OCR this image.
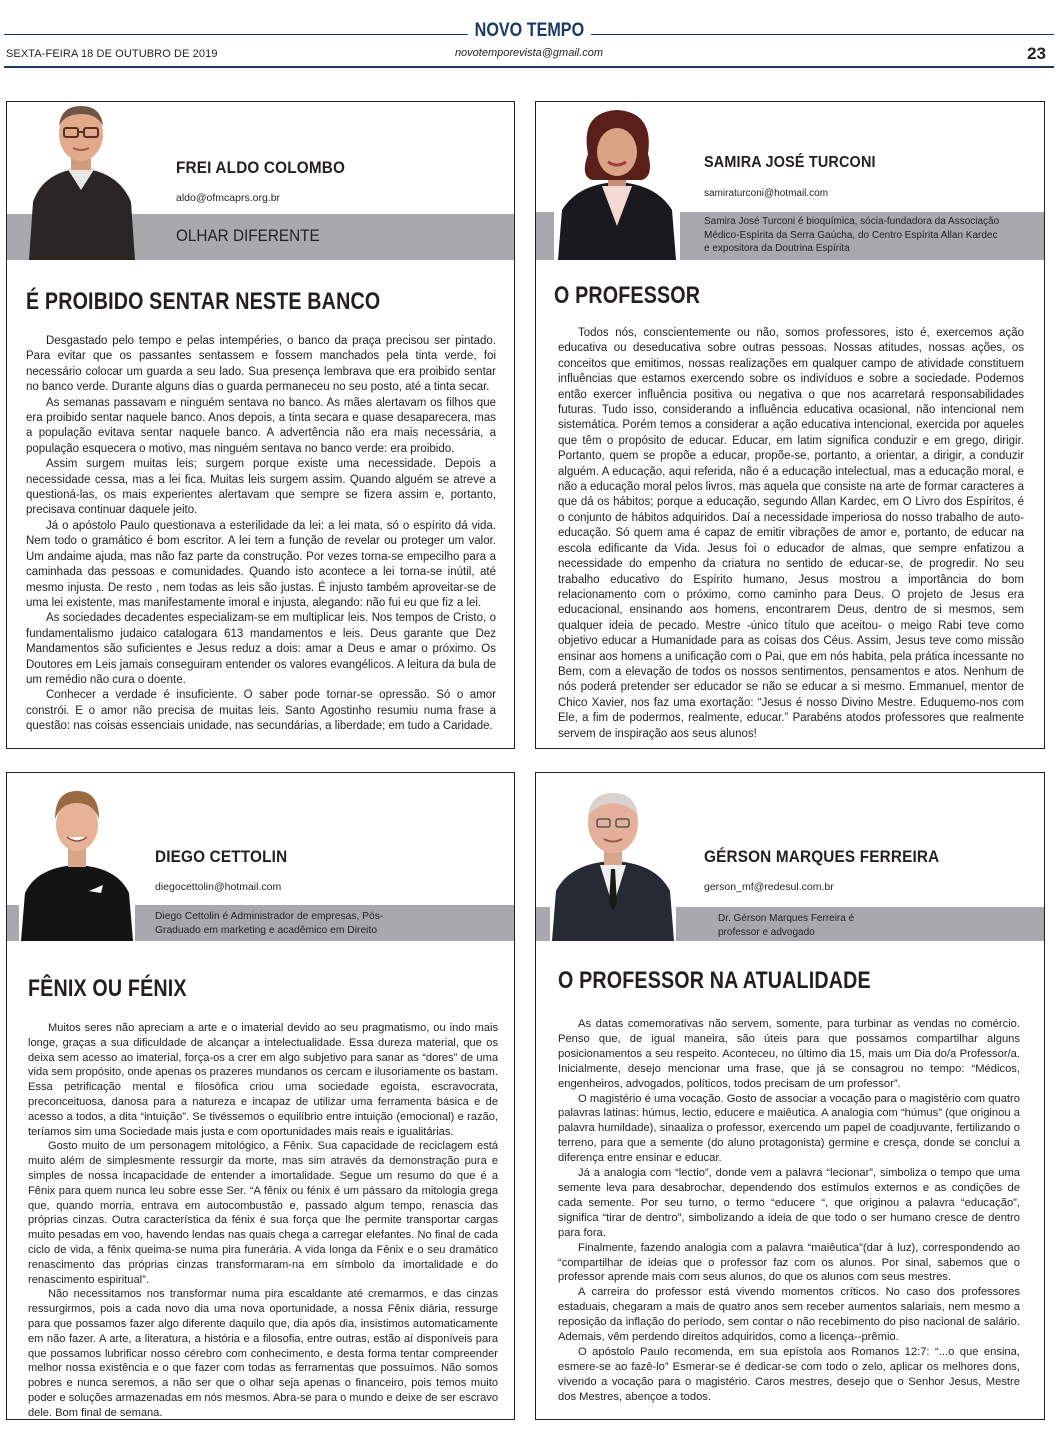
NOVO TEMPO
SEXTA-FEIRA 18 DE OUTUBRO DE 2019	novotemporevista@gmail.com	23
FREI ALDO COLOMBO
aldo@ofmcaprs.org.br
OLHAR DIFERENTE
É PROIBIDO SENTAR NESTE BANCO

Desgastado pelo tempo e pelas intempéries, o banco da praça precisou ser pintado. Para evitar que os passantes sentassem e fossem manchados pela tinta verde, foi necessário colocar um guarda a seu lado. Sua presença lembrava que era proibido sentar no banco verde. Durante alguns dias o guarda permaneceu no seu posto, até a tinta secar.

As semanas passavam e ninguém sentava no banco. As mães alertavam os filhos que era proibido sentar naquele banco. Anos depois, a tinta secara e quase desaparecera, mas a população evitava sentar naquele banco. A advertência não era mais necessária, a população esquecera o motivo, mas ninguém sentava no banco verde: era proibido.

Assim surgem muitas leis; surgem porque existe uma necessidade. Depois a necessidade cessa, mas a lei fica. Muitas leis surgem assim. Quando alguém se atreve a questioná-las, os mais experientes alertavam que sempre se fizera assim e, portanto, precisava continuar daquele jeito.

Já o apóstolo Paulo questionava a esterilidade da lei: a lei mata, só o espírito dá vida. Nem todo o gramático é bom escritor. A lei tem a função de revelar ou proteger um valor. Um andaime ajuda, mas não faz parte da construção. Por vezes torna-se empecilho para a caminhada das pessoas e comunidades. Quando isto acontece a lei torna-se inútil, até mesmo injusta. De resto , nem todas as leis são justas. É injusto também aproveitar-se de uma lei existente, mas manifestamente imoral e injusta, alegando: não fui eu que fiz a lei.

As sociedades decadentes especializam-se em multiplicar leis. Nos tempos de Cristo, o fundamentalismo judaico catalogara 613 mandamentos e leis. Deus garante que Dez Mandamentos são suficientes e Jesus reduz a dois: amar a Deus e amar o próximo. Os Doutores em Leis jamais conseguiram entender os valores evangélicos. A leitura da bula de um remédio não cura o doente.

Conhecer a verdade é insuficiente. O saber pode tornar-se opressão. Só o amor constrói. E o amor não precisa de muitas leis. Santo Agostinho resumiu numa frase a questão: nas coisas essenciais unidade, nas secundárias, a liberdade; em tudo a Caridade.

SAMIRA JOSÉ TURCONI
samiraturconi@hotmail.com
Samira José Turconi é bioquímica, sócia-fundadora da Associação Médico-Espírita da Serra Gaúcha, do Centro Espírita Allan Kardec e expositora da Doutrina Espírita
O PROFESSOR

Todos nós, conscientemente ou não, somos professores, isto é, exercemos ação educativa ou deseducativa sobre outras pessoas. Nossas atitudes, nossas ações, os conceitos que emitimos, nossas realizações em qualquer campo de atividade constituem influências que estamos exercendo sobre os indivíduos e sobre a sociedade. Podemos então exercer influência positiva ou negativa o que nos acarretará responsabilidades futuras. Tudo isso, considerando a influência educativa ocasional, não intencional nem sistemática. Porém temos a considerar a ação educativa intencional, exercida por aqueles que têm o propósito de educar. Educar, em latim significa conduzir e em grego, dirigir. Portanto, quem se propõe a educar, propõe-se, portanto, a orientar, a dirigir, a conduzir alguém. A educação, aqui referida, não é a educação intelectual, mas a educação moral, e não a educação moral pelos livros, mas aquela que consiste na arte de formar caracteres a que dá os hábitos; porque a educação, segundo Allan Kardec, em O Livro dos Espíritos, é o conjunto de hábitos adquiridos. Daí a necessidade imperiosa do nosso trabalho de auto-educação. Só quem ama é capaz de emitir vibrações de amor e, portanto, de educar na escola edificante da Vida. Jesus foi o educador de almas, que sempre enfatizou a necessidade do empenho da criatura no sentido de educar-se, de progredir. No seu trabalho educativo do Espírito humano, Jesus mostrou a importância do bom relacionamento com o próximo, como caminho para Deus. O projeto de Jesus era educacional, ensinando aos homens, encontrarem Deus, dentro de si mesmos, sem qualquer ideia de pecado. Mestre -único título que aceitou- o meigo Rabi teve como objetivo educar a Humanidade para as coisas dos Céus. Assim, Jesus teve como missão ensinar aos homens a unificação com o Pai, que em nós habita, pela prática incessante no Bem, com a elevação de todos os nossos sentimentos, pensamentos e atos. Nenhum de nós poderá pretender ser educador se não se educar a si mesmo. Emmanuel, mentor de Chico Xavier, nos faz uma exortação: “Jesus é nosso Divino Mestre. Eduquemo-nos com Ele, a fim de podermos, realmente, educar.” Parabéns atodos professores que realmente servem de inspiração aos seus alunos!

DIEGO CETTOLIN
diegocettolin@hotmail.com
Diego Cettolin é Administrador de empresas, Pós-Graduado em marketing e acadêmico em Direito
FÊNIX OU FÉNIX

Muitos seres não apreciam a arte e o imaterial devido ao seu pragmatismo, ou indo mais longe, graças a sua dificuldade de alcançar a intelectualidade. Essa dureza material, que os deixa sem acesso ao imaterial, força-os a crer em algo subjetivo para sanar as “dores” de uma vida sem propósito, onde apenas os prazeres mundanos os cercam e ilusoriamente os bastam. Essa petrificação mental e filosófica criou uma sociedade egoísta, escravocrata, preconceituosa, danosa para a natureza e incapaz de utilizar uma ferramenta básica e de acesso a todos, a dita “intuição”. Se tivéssemos o equilíbrio entre intuição (emocional) e razão, teríamos sim uma Sociedade mais justa e com oportunidades mais reais e igualitárias.

Gosto muito de um personagem mitológico, a Fênix. Sua capacidade de reciclagem está muito além de simplesmente ressurgir da morte, mas sim através da demonstração pura e simples de nossa incapacidade de entender a imortalidade. Segue um resumo do que é a Fênix para quem nunca leu sobre esse Ser. “A fênix ou fénix é um pássaro da mitologia grega que, quando morria, entrava em autocombustão e, passado algum tempo, renascia das próprias cinzas. Outra característica da fénix é sua força que lhe permite transportar cargas muito pesadas em voo, havendo lendas nas quais chega a carregar elefantes. No final de cada ciclo de vida, a fênix queima-se numa pira funerária. A vida longa da Fênix e o seu dramático renascimento das próprias cinzas transformaram-na em símbolo da imortalidade e do renascimento espiritual”.

Não necessitamos nos transformar numa pira escaldante até cremarmos, e das cinzas ressurgirmos, pois a cada novo dia uma nova oportunidade, a nossa Fênix diária, ressurge para que possamos fazer algo diferente daquilo que, dia após dia, insistimos automaticamente em não fazer. A arte, a literatura, a história e a filosofia, entre outras, estão aí disponíveis para que possamos lubrificar nosso cérebro com conhecimento, e desta forma tentar compreender melhor nossa existência e o que fazer com todas as ferramentas que possuímos. Não somos pobres e nunca seremos, a não ser que o olhar seja apenas o financeiro, pois temos muito poder e soluções armazenadas em nós mesmos. Abra-se para o mundo e deixe de ser escravo dele. Bom final de semana.

GÉRSON MARQUES FERREIRA
gerson_mf@redesul.com.br
Dr. Gérson Marques Ferreira é professor e advogado
O PROFESSOR NA ATUALIDADE

As datas comemorativas não servem, somente, para turbinar as vendas no comércio. Penso que, de igual maneira, são úteis para que possamos compartilhar alguns posicionamentos a seu respeito. Aconteceu, no último dia 15, mais um Dia do/a Professor/a. Inicialmente, desejo mencionar uma frase, que já se consagrou no tempo: “Médicos, engenheiros, advogados, políticos, todos precisam de um professor”.

O magistério é uma vocação. Gosto de associar a vocação para o magistério com quatro palavras latinas: húmus, lectio, educere e maiêutica. A analogia com “húmus” (que originou a palavra humildade), sinaaliza o professor, exercendo um papel de coadjuvante, fertilizando o terreno, para que a semente (do aluno protagonista) germine e cresça, donde se conclui a diferença entre ensinar e educar.

Já a analogia com “lectio”, donde vem a palavra “lecionar”, simboliza o tempo que uma semente leva para desabrochar, dependendo dos estímulos externos e as condições de cada semente. Por seu turno, o termo “educere “, que originou a palavra “educação”, significa “tirar de dentro”, simbolizando a ideia de que todo o ser humano cresce de dentro para fora.

Finalmente, fazendo analogia com a palavra “maiêutica”(dar à luz), correspondendo ao “compartilhar de ideias que o professor faz com os alunos. Por sinal, sabemos que o professor aprende mais com seus alunos, do que os alunos com seus mestres.

A carreira do professor está vivendo momentos críticos. No caso dos professores estaduais, chegaram a mais de quatro anos sem receber aumentos salariais, nem mesmo a reposição da inflação do período, sem contar o não recebimento do piso nacional de salário. Ademais, vêm perdendo direitos adquiridos, como a licença--prêmio.

O apóstolo Paulo recomenda, em sua epístola aos Romanos 12:7: “...o que ensina, esmere-se ao fazê-lo” Esmerar-se é dedicar-se com todo o zelo, aplicar os melhores dons, vivendo a vocação para o magistério. Caros mestres, desejo que o Senhor Jesus, Mestre dos Mestres, abençoe a todos.
